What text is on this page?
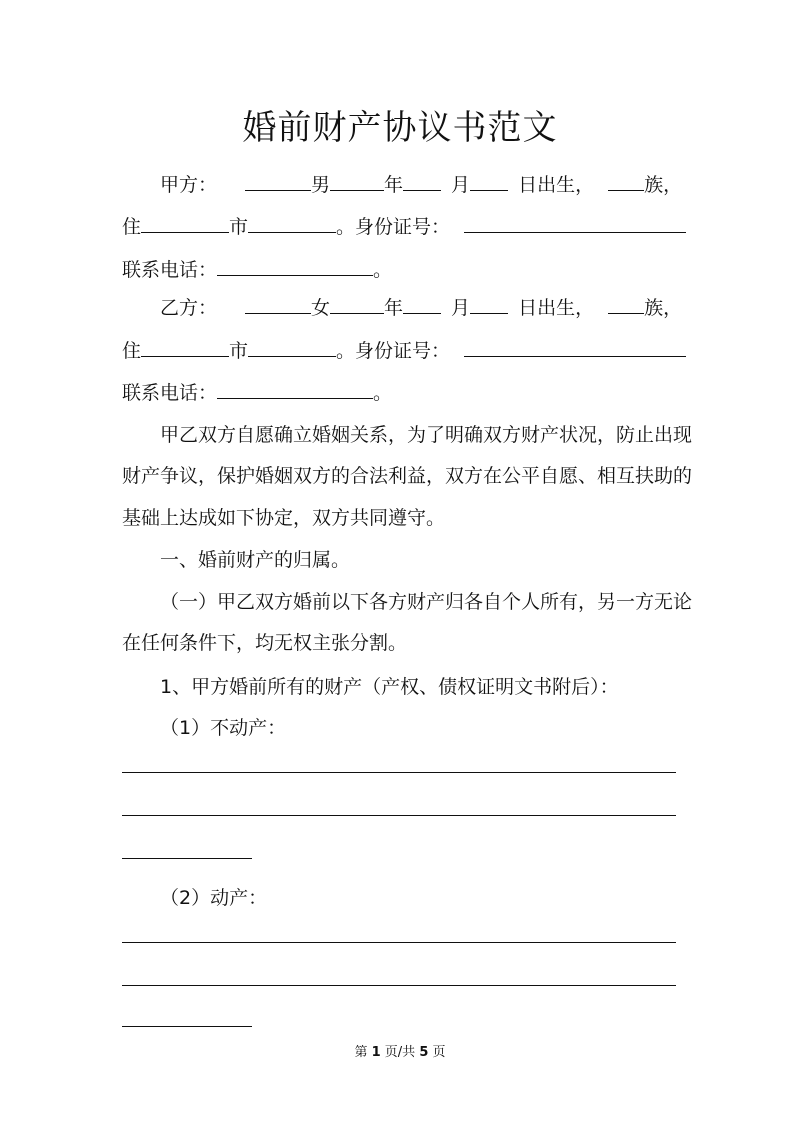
婚前财产协议书范文
甲方：	男	年	月	日出生，	族，
住	市	。身份证号：
联系电话：	。
乙方：	女	年	月	日出生，	族，
住	市	。身份证号：
联系电话：	。
甲乙双方自愿确立婚姻关系，为了明确双方财产状况，防止出现
财产争议，保护婚姻双方的合法利益，双方在公平自愿、相互扶助的
基础上达成如下协定，双方共同遵守。
一、婚前财产的归属。
（一）甲乙双方婚前以下各方财产归各自个人所有，另一方无论
在任何条件下，均无权主张分割。
1、甲方婚前所有的财产（产权、债权证明文书附后）：
（1）不动产：
（2）动产：
第 1 页/共 5 页
